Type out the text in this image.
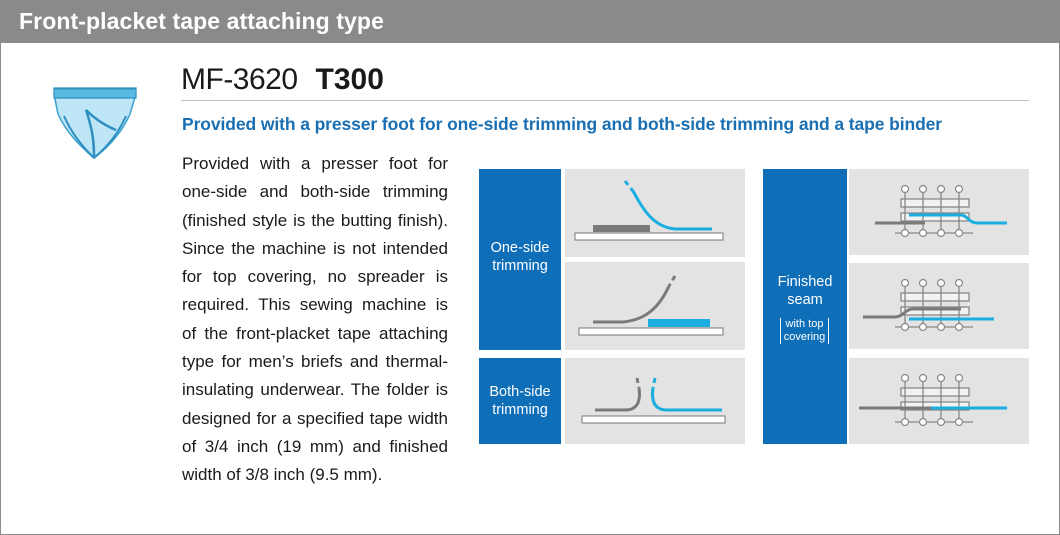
Front-placket tape attaching type
MF-3620 T300
Provided with a presser foot for one-side trimming and both-side trimming and a tape binder
Provided with a presser foot for one-side and both-side trimming (finished style is the butting finish). Since the machine is not intended for top covering, no spreader is required. This sewing machine is of the front-placket tape attaching type for men’s briefs and thermal-insulating underwear. The folder is designed for a specified tape width of 3/4 inch (19 mm) and finished width of 3/8 inch (9.5 mm).
One-side
trimming
Both-side
trimming
Finished
seam
with top
covering
